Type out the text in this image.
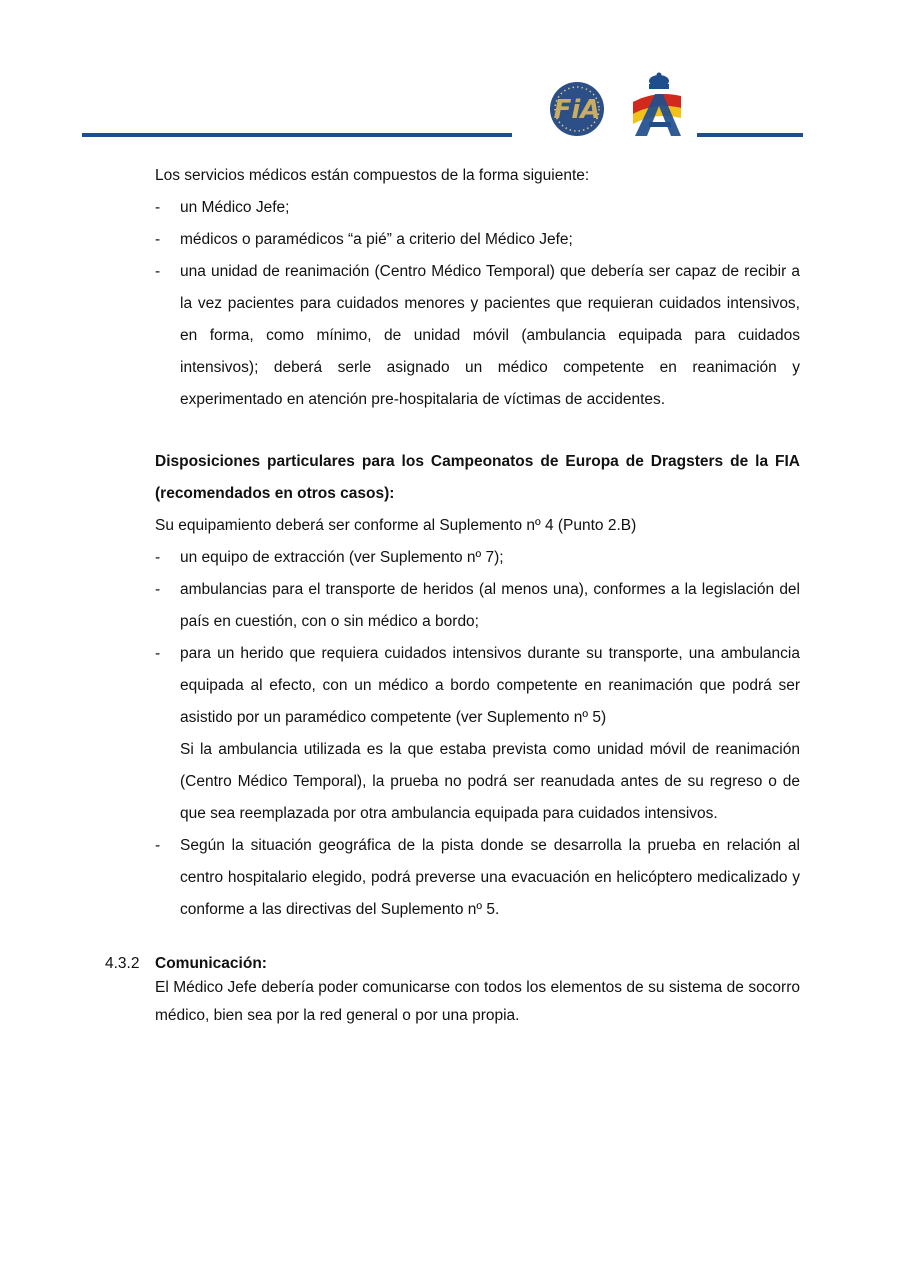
FiA
Los servicios médicos están compuestos de la forma siguiente:
- un Médico Jefe;
- médicos o paramédicos “a pié” a criterio del Médico Jefe;
- una unidad de reanimación (Centro Médico Temporal) que debería ser capaz de recibir a la vez pacientes para cuidados menores y pacientes que requieran cuidados intensivos, en forma, como mínimo, de unidad móvil (ambulancia equipada para cuidados intensivos); deberá serle asignado un médico competente en reanimación y experimentado en atención pre-hospitalaria de víctimas de accidentes.
Disposiciones particulares para los Campeonatos de Europa de Dragsters de la FIA (recomendados en otros casos):
Su equipamiento deberá ser conforme al Suplemento nº 4 (Punto 2.B)
- un equipo de extracción (ver Suplemento nº 7);
- ambulancias para el transporte de heridos (al menos una), conformes a la legislación del país en cuestión, con o sin médico a bordo;
- para un herido que requiera cuidados intensivos durante su transporte, una ambulancia equipada al efecto, con un médico a bordo competente en reanimación que podrá ser asistido por un paramédico competente (ver Suplemento nº 5)
Si la ambulancia utilizada es la que estaba prevista como unidad móvil de reanimación (Centro Médico Temporal), la prueba no podrá ser reanudada antes de su regreso o de que sea reemplazada por otra ambulancia equipada para cuidados intensivos.
- Según la situación geográfica de la pista donde se desarrolla la prueba en relación al centro hospitalario elegido, podrá preverse una evacuación en helicóptero medicalizado y conforme a las directivas del Suplemento nº 5.
4.3.2 Comunicación:
El Médico Jefe debería poder comunicarse con todos los elementos de su sistema de socorro médico, bien sea por la red general o por una propia.
